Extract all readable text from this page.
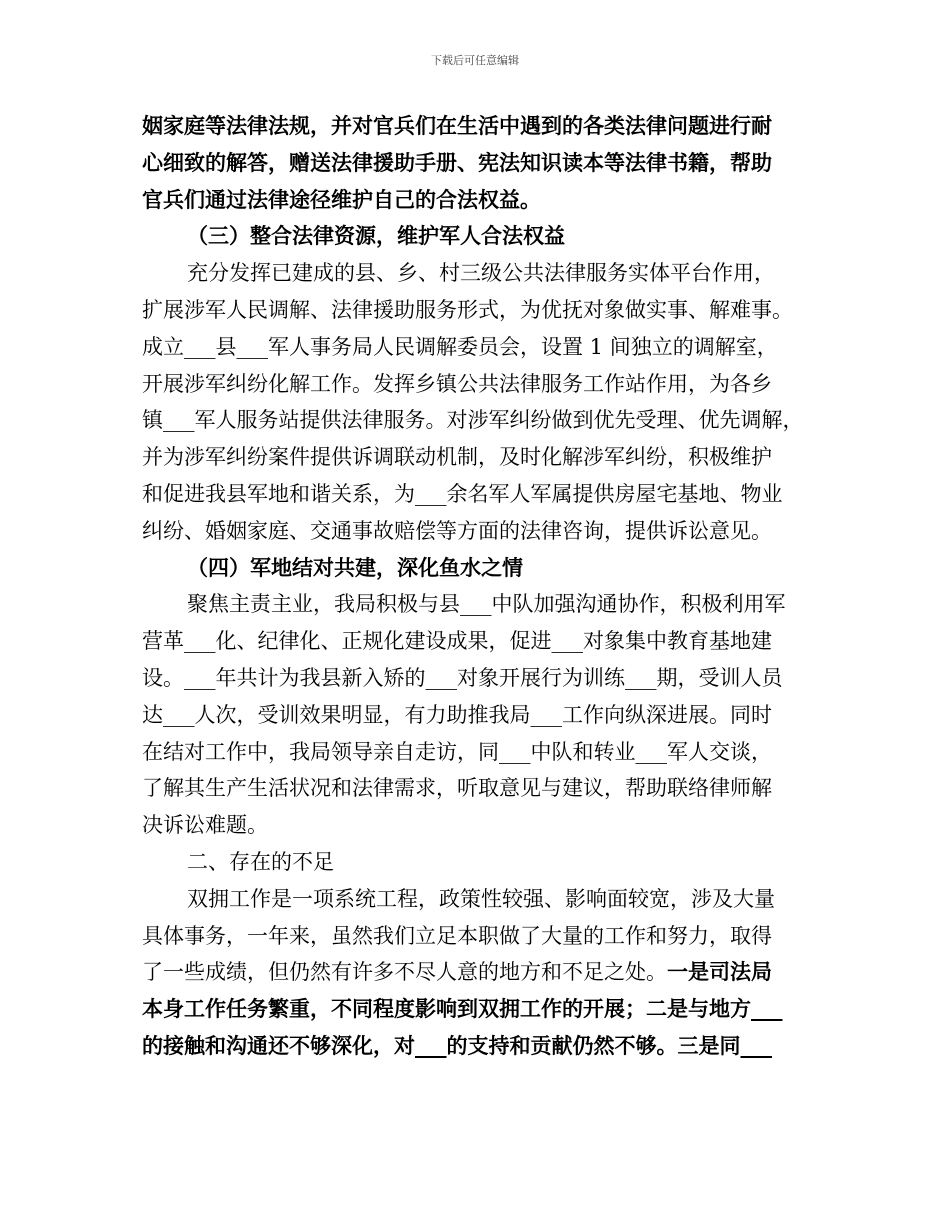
下载后可任意编辑
姻家庭等法律法规，并对官兵们在生活中遇到的各类法律问题进行耐
心细致的解答，赠送法律援助手册、宪法知识读本等法律书籍，帮助
官兵们通过法律途径维护自己的合法权益。
（三）整合法律资源，维护军人合法权益
充分发挥已建成的县、乡、村三级公共法律服务实体平台作用，
扩展涉军人民调解、法律援助服务形式，为优抚对象做实事、解难事。
成立___县___军人事务局人民调解委员会，设置 1 间独立的调解室，
开展涉军纠纷化解工作。发挥乡镇公共法律服务工作站作用，为各乡
镇___军人服务站提供法律服务。对涉军纠纷做到优先受理、优先调解，
并为涉军纠纷案件提供诉调联动机制，及时化解涉军纠纷，积极维护
和促进我县军地和谐关系，为___余名军人军属提供房屋宅基地、物业
纠纷、婚姻家庭、交通事故赔偿等方面的法律咨询，提供诉讼意见。
（四）军地结对共建，深化鱼水之情
聚焦主责主业，我局积极与县___中队加强沟通协作，积极利用军
营革___化、纪律化、正规化建设成果，促进___对象集中教育基地建
设。___年共计为我县新入矫的___对象开展行为训练___期，受训人员
达___人次，受训效果明显，有力助推我局___工作向纵深进展。同时
在结对工作中，我局领导亲自走访，同___中队和转业___军人交谈，
了解其生产生活状况和法律需求，听取意见与建议，帮助联络律师解
决诉讼难题。
二、存在的不足
双拥工作是一项系统工程，政策性较强、影响面较宽，涉及大量
具体事务，一年来，虽然我们立足本职做了大量的工作和努力，取得
了一些成绩，但仍然有许多不尽人意的地方和不足之处。一是司法局
本身工作任务繁重，不同程度影响到双拥工作的开展；二是与地方___
的接触和沟通还不够深化，对___的支持和贡献仍然不够。三是同___
